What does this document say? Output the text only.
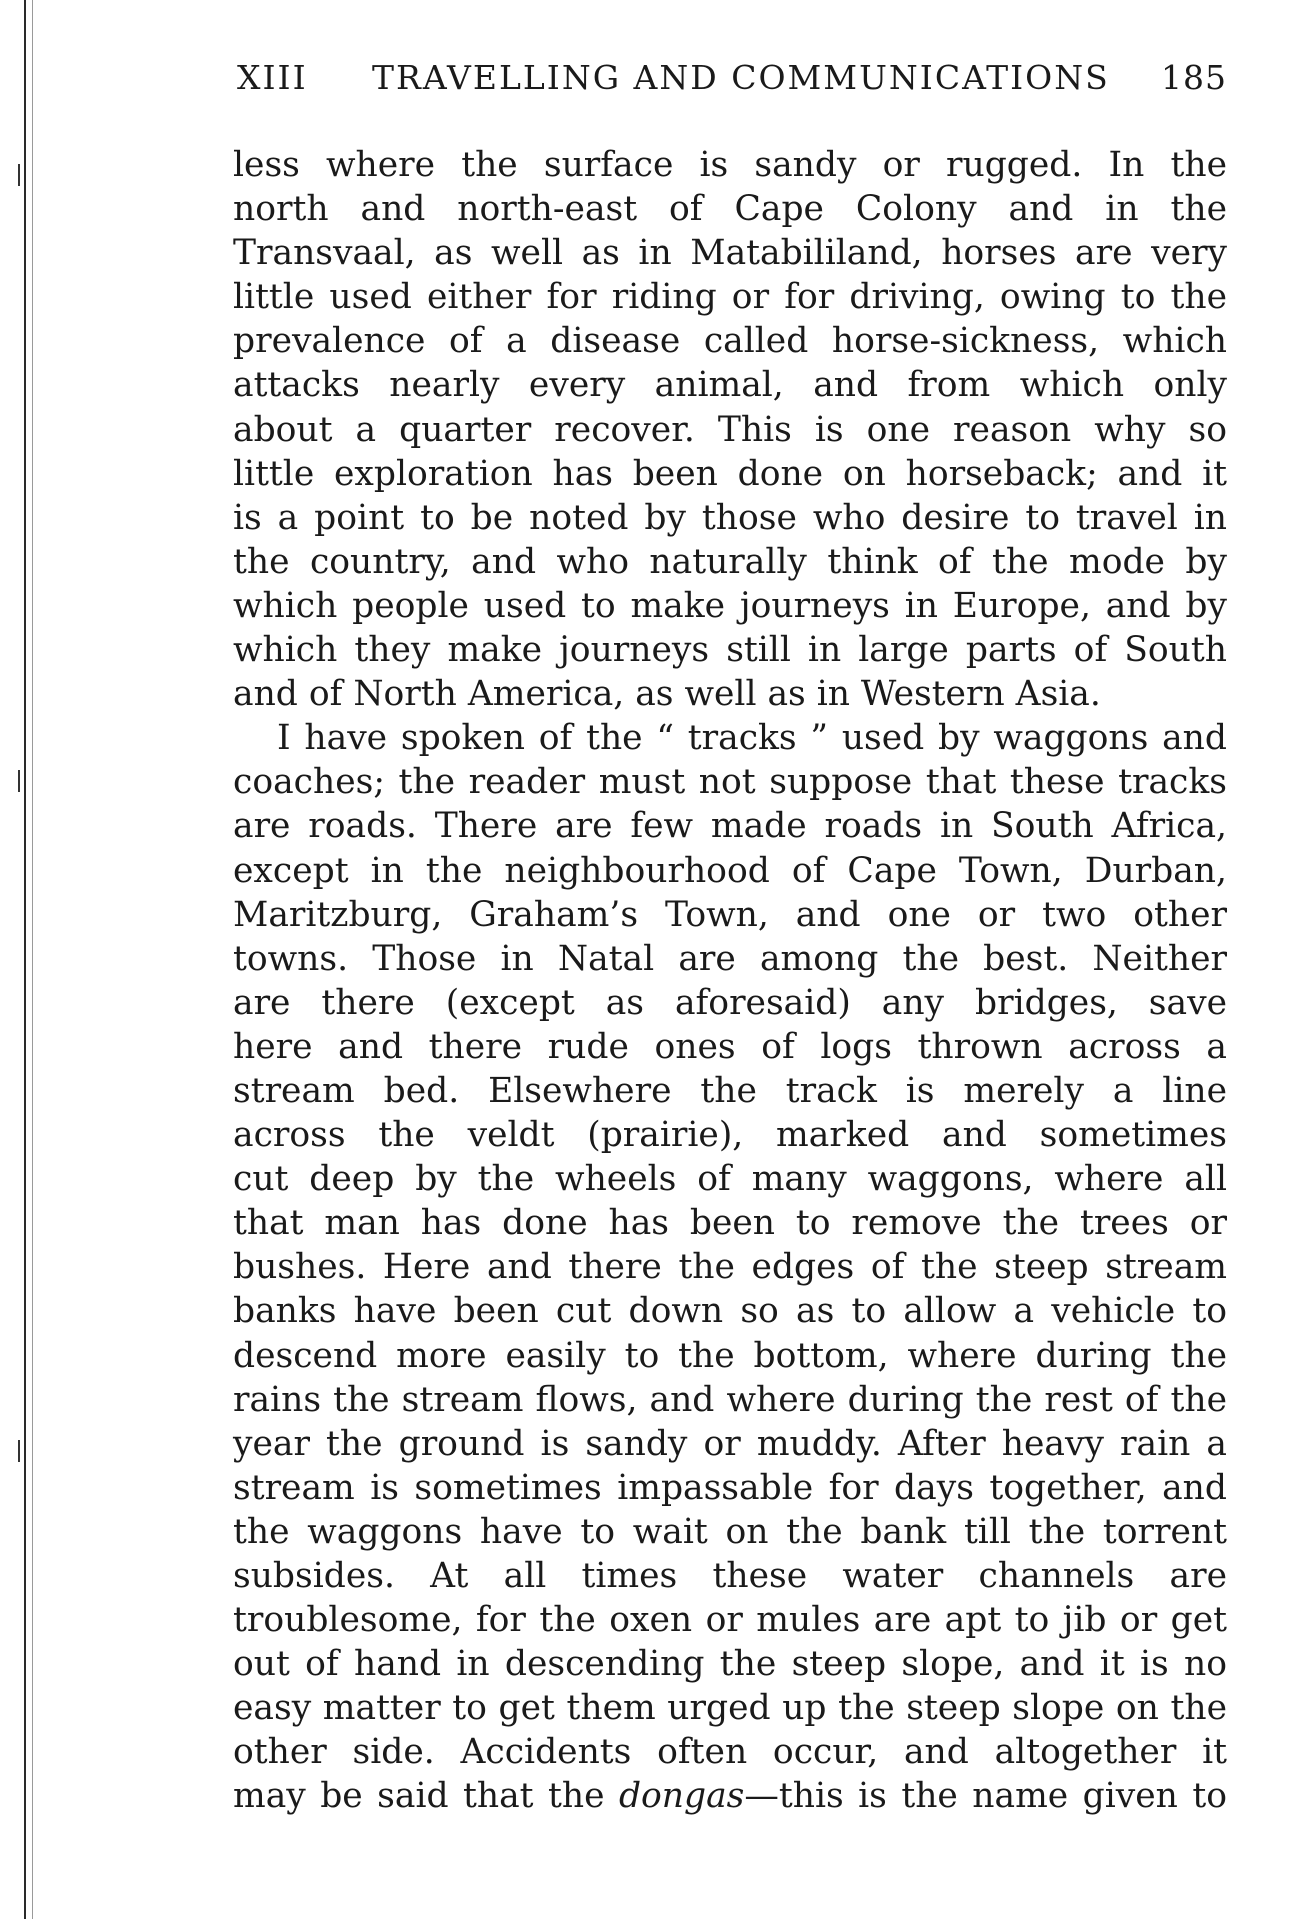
XIII TRAVELLING AND COMMUNICATIONS 185
less where the surface is sandy or rugged. In the
north and north-east of Cape Colony and in the
Transvaal, as well as in Matabililand, horses are very
little used either for riding or for driving, owing to the
prevalence of a disease called horse-sickness, which
attacks nearly every animal, and from which only
about a quarter recover. This is one reason why so
little exploration has been done on horseback; and it
is a point to be noted by those who desire to travel in
the country, and who naturally think of the mode by
which people used to make journeys in Europe, and by
which they make journeys still in large parts of South
and of North America, as well as in Western Asia.
I have spoken of the “ tracks ” used by waggons and
coaches; the reader must not suppose that these tracks
are roads. There are few made roads in South Africa,
except in the neighbourhood of Cape Town, Durban,
Maritzburg, Graham’s Town, and one or two other
towns. Those in Natal are among the best. Neither
are there (except as aforesaid) any bridges, save
here and there rude ones of logs thrown across a
stream bed. Elsewhere the track is merely a line
across the veldt (prairie), marked and sometimes
cut deep by the wheels of many waggons, where all
that man has done has been to remove the trees or
bushes. Here and there the edges of the steep stream
banks have been cut down so as to allow a vehicle to
descend more easily to the bottom, where during the
rains the stream flows, and where during the rest of the
year the ground is sandy or muddy. After heavy rain a
stream is sometimes impassable for days together, and
the waggons have to wait on the bank till the torrent
subsides. At all times these water channels are
troublesome, for the oxen or mules are apt to jib or get
out of hand in descending the steep slope, and it is no
easy matter to get them urged up the steep slope on the
other side. Accidents often occur, and altogether it
may be said that the dongas—this is the name given to
